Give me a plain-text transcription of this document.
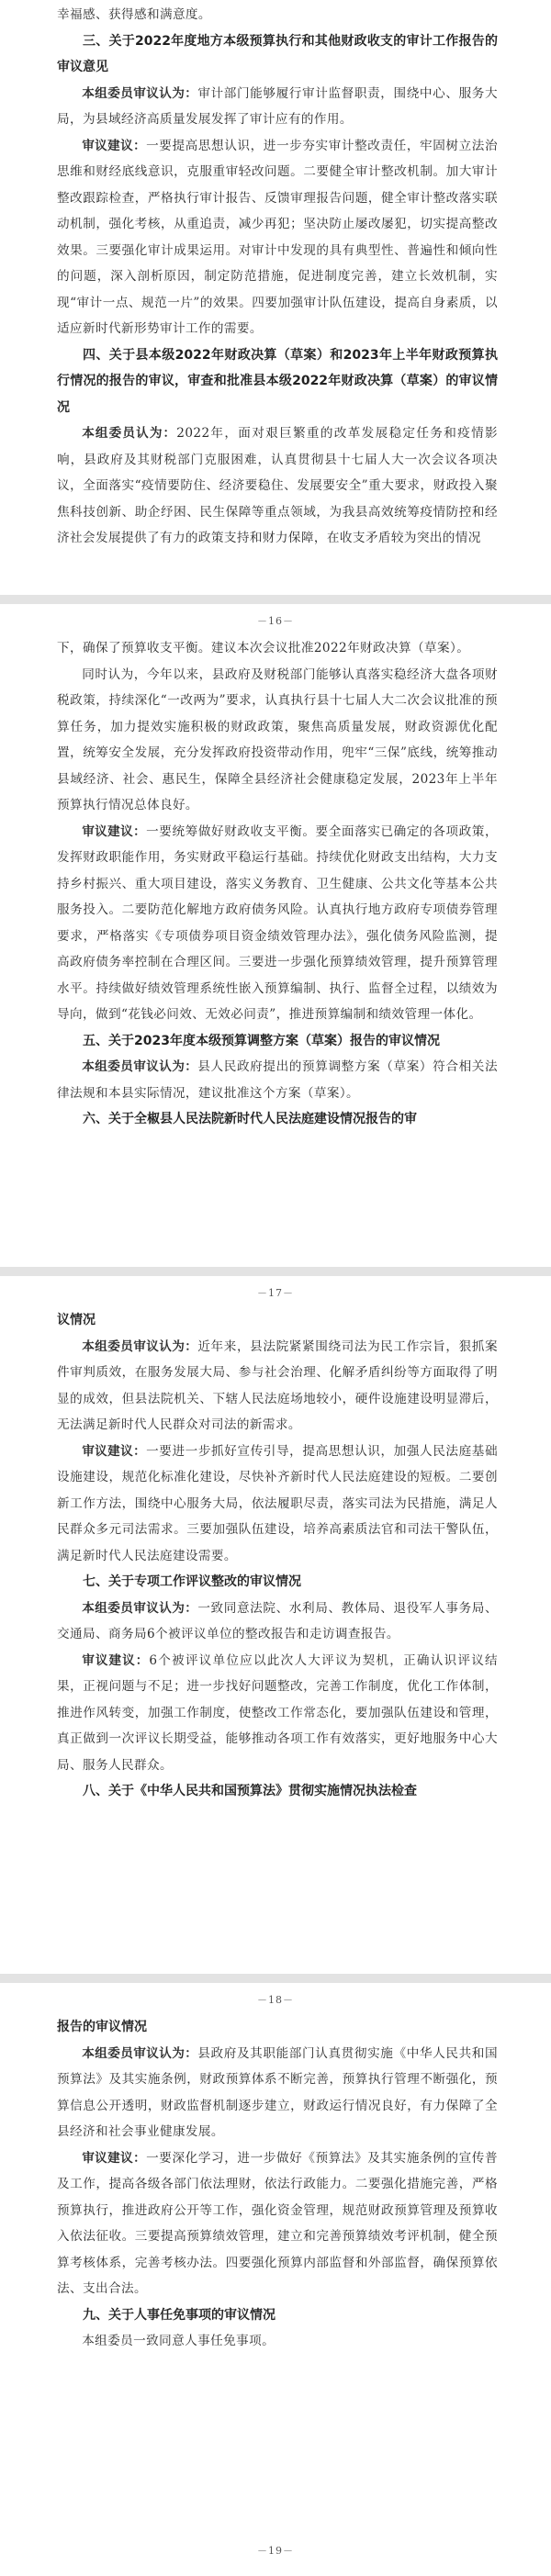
幸福感、获得感和满意度。

三、关于2022年度地方本级预算执行和其他财政收支的审计工作报告的审议意见

本组委员审议认为：审计部门能够履行审计监督职责，围绕中心、服务大局，为县域经济高质量发展发挥了审计应有的作用。

审议建议：一要提高思想认识，进一步夯实审计整改责任，牢固树立法治思维和财经底线意识，克服重审轻改问题。二要健全审计整改机制。加大审计整改跟踪检查，严格执行审计报告、反馈审理报告问题，健全审计整改落实联动机制，强化考核，从重追责，减少再犯；坚决防止屡改屡犯，切实提高整改效果。三要强化审计成果运用。对审计中发现的具有典型性、普遍性和倾向性的问题，深入剖析原因，制定防范措施，促进制度完善，建立长效机制，实现“审计一点、规范一片”的效果。四要加强审计队伍建设，提高自身素质，以适应新时代新形势审计工作的需要。

四、关于县本级2022年财政决算（草案）和2023年上半年财政预算执行情况的报告的审议，审查和批准县本级2022年财政决算（草案）的审议情况

本组委员认为：2022年，面对艰巨繁重的改革发展稳定任务和疫情影响，县政府及其财税部门克服困难，认真贯彻县十七届人大一次会议各项决议，全面落实“疫情要防住、经济要稳住、发展要安全”重大要求，财政投入聚焦科技创新、助企纾困、民生保障等重点领域，为我县高效统筹疫情防控和经济社会发展提供了有力的政策支持和财力保障，在收支矛盾较为突出的情况

－16－

下，确保了预算收支平衡。建议本次会议批准2022年财政决算（草案）。

同时认为，今年以来，县政府及财税部门能够认真落实稳经济大盘各项财税政策，持续深化“一改两为”要求，认真执行县十七届人大二次会议批准的预算任务，加力提效实施积极的财政政策，聚焦高质量发展，财政资源优化配置，统筹安全发展，充分发挥政府投资带动作用，兜牢“三保”底线，统筹推动县域经济、社会、惠民生，保障全县经济社会健康稳定发展，2023年上半年预算执行情况总体良好。

审议建议：一要统筹做好财政收支平衡。要全面落实已确定的各项政策，发挥财政职能作用，务实财政平稳运行基础。持续优化财政支出结构，大力支持乡村振兴、重大项目建设，落实义务教育、卫生健康、公共文化等基本公共服务投入。二要防范化解地方政府债务风险。认真执行地方政府专项债券管理要求，严格落实《专项债券项目资金绩效管理办法》，强化债务风险监测，提高政府债务率控制在合理区间。三要进一步强化预算绩效管理，提升预算管理水平。持续做好绩效管理系统性嵌入预算编制、执行、监督全过程，以绩效为导向，做到“花钱必问效、无效必问责”，推进预算编制和绩效管理一体化。

五、关于2023年度本级预算调整方案（草案）报告的审议情况

本组委员审议认为：县人民政府提出的预算调整方案（草案）符合相关法律法规和本县实际情况，建议批准这个方案（草案）。

六、关于全椒县人民法院新时代人民法庭建设情况报告的审

－17－

议情况

本组委员审议认为：近年来，县法院紧紧围绕司法为民工作宗旨，狠抓案件审判质效，在服务发展大局、参与社会治理、化解矛盾纠纷等方面取得了明显的成效，但县法院机关、下辖人民法庭场地较小，硬件设施建设明显滞后，无法满足新时代人民群众对司法的新需求。

审议建议：一要进一步抓好宣传引导，提高思想认识，加强人民法庭基础设施建设，规范化标准化建设，尽快补齐新时代人民法庭建设的短板。二要创新工作方法，围绕中心服务大局，依法履职尽责，落实司法为民措施，满足人民群众多元司法需求。三要加强队伍建设，培养高素质法官和司法干警队伍，满足新时代人民法庭建设需要。

七、关于专项工作评议整改的审议情况

本组委员审议认为：一致同意法院、水利局、教体局、退役军人事务局、交通局、商务局6个被评议单位的整改报告和走访调查报告。

审议建议：6个被评议单位应以此次人大评议为契机，正确认识评议结果，正视问题与不足；进一步找好问题整改，完善工作制度，优化工作体制，推进作风转变，加强工作制度，使整改工作常态化，要加强队伍建设和管理，真正做到一次评议长期受益，能够推动各项工作有效落实，更好地服务中心大局、服务人民群众。

八、关于《中华人民共和国预算法》贯彻实施情况执法检查

－18－

报告的审议情况

本组委员审议认为：县政府及其职能部门认真贯彻实施《中华人民共和国预算法》及其实施条例，财政预算体系不断完善，预算执行管理不断强化，预算信息公开透明，财政监督机制逐步建立，财政运行情况良好，有力保障了全县经济和社会事业健康发展。

审议建议：一要深化学习，进一步做好《预算法》及其实施条例的宣传普及工作，提高各级各部门依法理财，依法行政能力。二要强化措施完善，严格预算执行，推进政府公开等工作，强化资金管理，规范财政预算管理及预算收入依法征收。三要提高预算绩效管理，建立和完善预算绩效考评机制，健全预算考核体系，完善考核办法。四要强化预算内部监督和外部监督，确保预算依法、支出合法。

九、关于人事任免事项的审议情况

本组委员一致同意人事任免事项。

－19－
